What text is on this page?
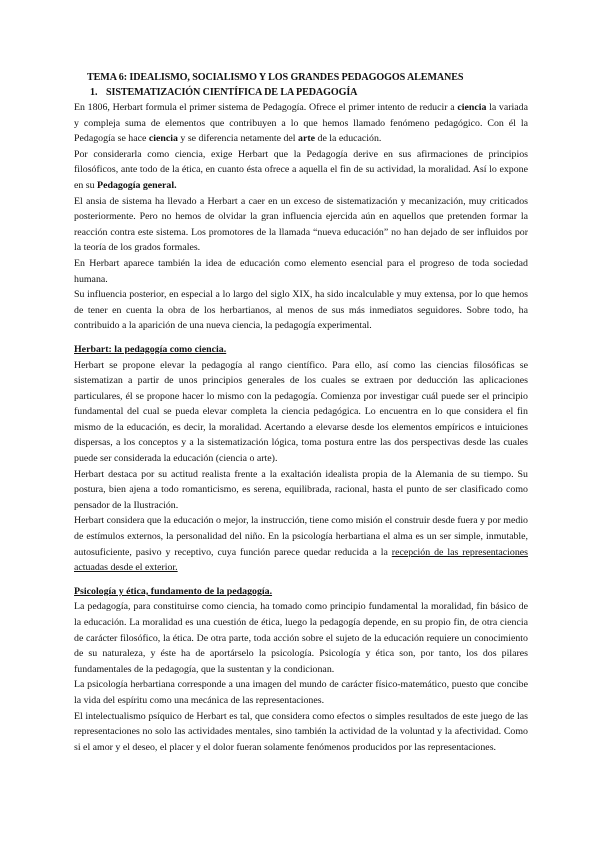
TEMA 6: IDEALISMO, SOCIALISMO Y LOS GRANDES PEDAGOGOS ALEMANES
1. SISTEMATIZACIÓN CIENTÍFICA DE LA PEDAGOGÍA

En 1806, Herbart formula el primer sistema de Pedagogía. Ofrece el primer intento de reducir a ciencia la variada y compleja suma de elementos que contribuyen a lo que hemos llamado fenómeno pedagógico. Con él la Pedagogía se hace ciencia y se diferencia netamente del arte de la educación.

Por considerarla como ciencia, exige Herbart que la Pedagogía derive en sus afirmaciones de principios filosóficos, ante todo de la ética, en cuanto ésta ofrece a aquella el fin de su actividad, la moralidad. Así lo expone en su Pedagogía general.

El ansia de sistema ha llevado a Herbart a caer en un exceso de sistematización y mecanización, muy criticados posteriormente. Pero no hemos de olvidar la gran influencia ejercida aún en aquellos que pretenden formar la reacción contra este sistema. Los promotores de la llamada “nueva educación” no han dejado de ser influidos por la teoría de los grados formales.

En Herbart aparece también la idea de educación como elemento esencial para el progreso de toda sociedad humana.

Su influencia posterior, en especial a lo largo del siglo XIX, ha sido incalculable y muy extensa, por lo que hemos de tener en cuenta la obra de los herbartianos, al menos de sus más inmediatos seguidores. Sobre todo, ha contribuido a la aparición de una nueva ciencia, la pedagogía experimental.

Herbart: la pedagogía como ciencia.

Herbart se propone elevar la pedagogía al rango científico. Para ello, así como las ciencias filosóficas se sistematizan a partir de unos principios generales de los cuales se extraen por deducción las aplicaciones particulares, él se propone hacer lo mismo con la pedagogía. Comienza por investigar cuál puede ser el principio fundamental del cual se pueda elevar completa la ciencia pedagógica. Lo encuentra en lo que considera el fin mismo de la educación, es decir, la moralidad. Acertando a elevarse desde los elementos empíricos e intuiciones dispersas, a los conceptos y a la sistematización lógica, toma postura entre las dos perspectivas desde las cuales puede ser considerada la educación (ciencia o arte).

Herbart destaca por su actitud realista frente a la exaltación idealista propia de la Alemania de su tiempo. Su postura, bien ajena a todo romanticismo, es serena, equilibrada, racional, hasta el punto de ser clasificado como pensador de la Ilustración.

Herbart considera que la educación o mejor, la instrucción, tiene como misión el construir desde fuera y por medio de estímulos externos, la personalidad del niño. En la psicología herbartiana el alma es un ser simple, inmutable, autosuficiente, pasivo y receptivo, cuya función parece quedar reducida a la recepción de las representaciones actuadas desde el exterior.

Psicología y ética, fundamento de la pedagogía.

La pedagogía, para constituirse como ciencia, ha tomado como principio fundamental la moralidad, fin básico de la educación. La moralidad es una cuestión de ética, luego la pedagogía depende, en su propio fin, de otra ciencia de carácter filosófico, la ética. De otra parte, toda acción sobre el sujeto de la educación requiere un conocimiento de su naturaleza, y éste ha de aportárselo la psicología. Psicología y ética son, por tanto, los dos pilares fundamentales de la pedagogía, que la sustentan y la condicionan.

La psicología herbartiana corresponde a una imagen del mundo de carácter físico-matemático, puesto que concibe la vida del espíritu como una mecánica de las representaciones.

El intelectualismo psíquico de Herbart es tal, que considera como efectos o simples resultados de este juego de las representaciones no solo las actividades mentales, sino también la actividad de la voluntad y la afectividad. Como si el amor y el deseo, el placer y el dolor fueran solamente fenómenos producidos por las representaciones.
